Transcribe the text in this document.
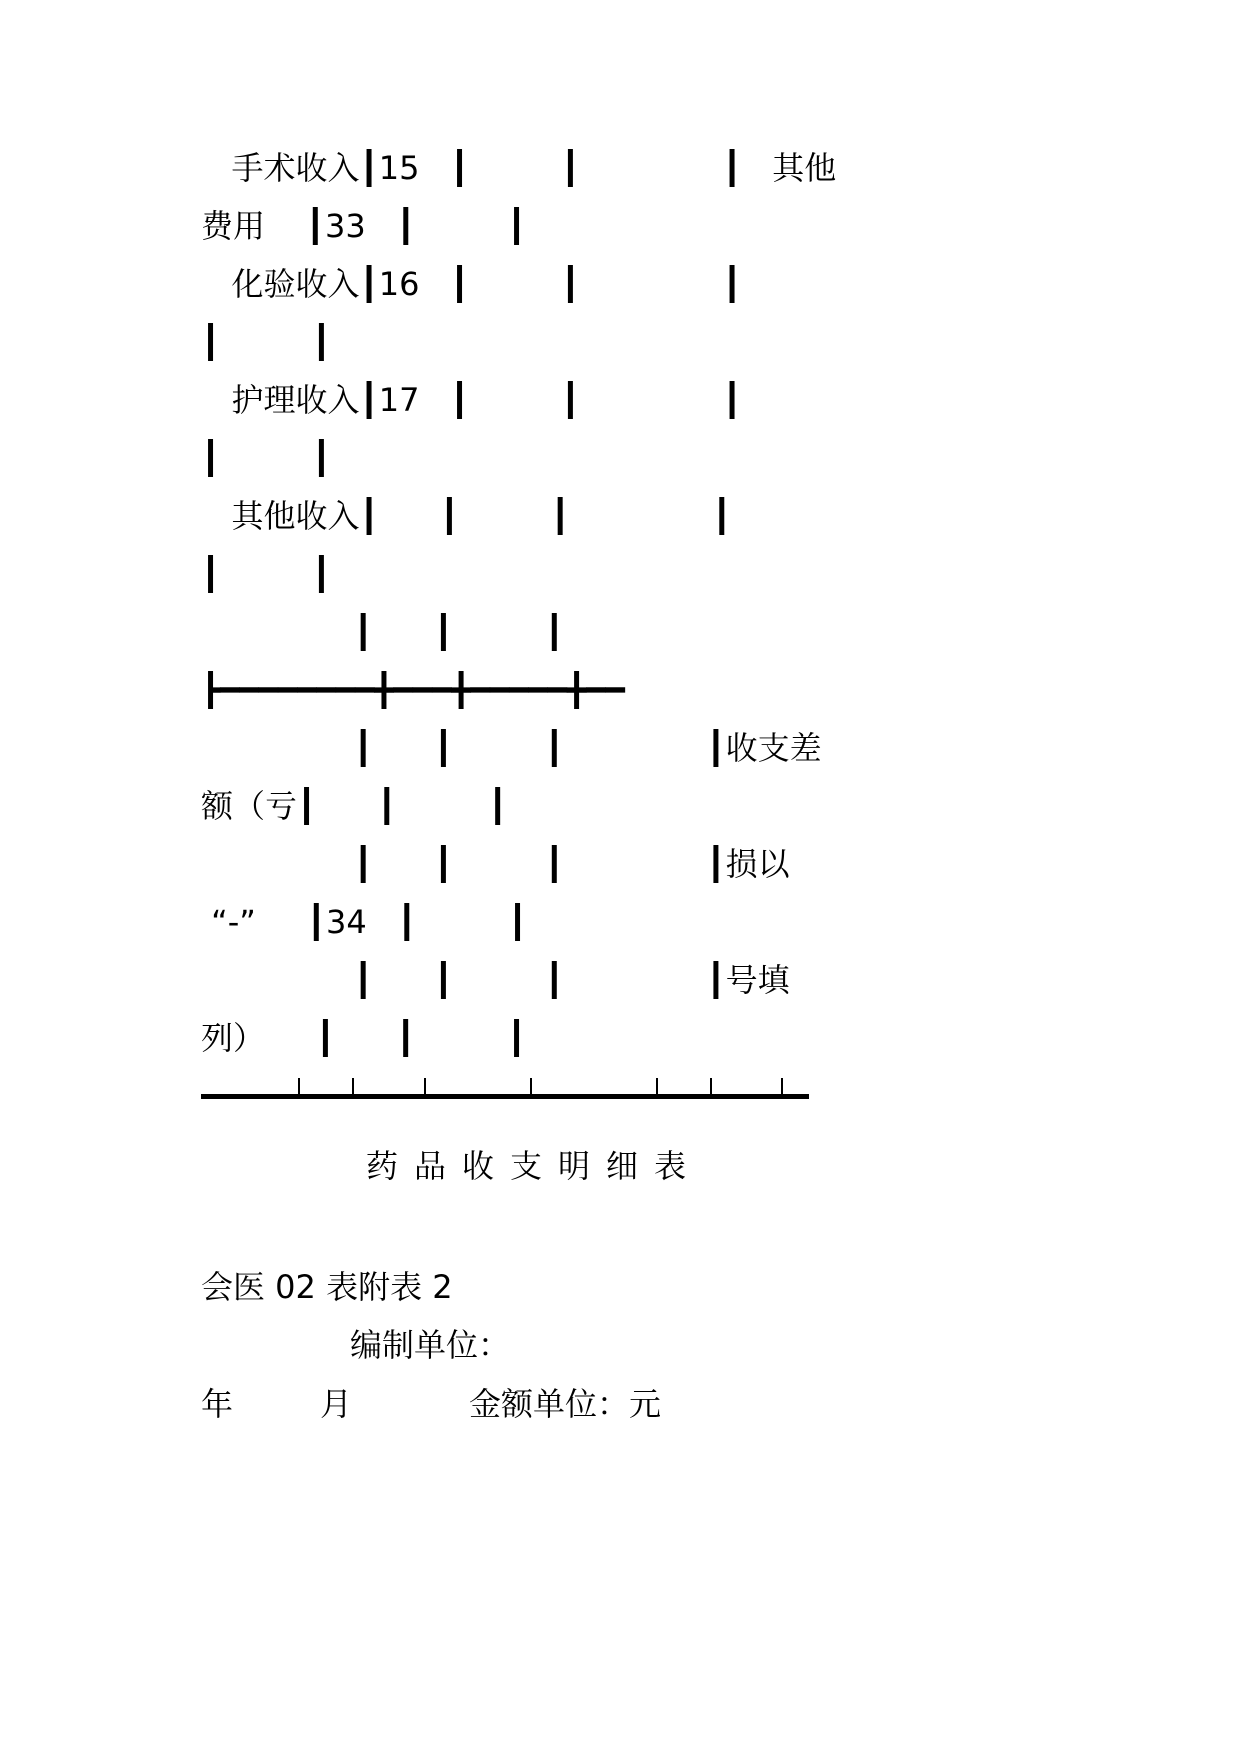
手术收入┃15   ┃         ┃              ┃   其他

费用    ┃33   ┃         ┃

化验收入┃16   ┃         ┃              ┃

┃         ┃

护理收入┃17   ┃         ┃              ┃

┃         ┃

其他收入┃      ┃         ┃              ┃

┃         ┃

┃      ┃         ┃

┣━━━━━━━━╋━━━╋━━━━━╋━━

┃      ┃         ┃              ┃收支差

额（亏┃      ┃         ┃

┃      ┃         ┃              ┃损以

“-”     ┃34   ┃         ┃

┃      ┃         ┃              ┃号填

列）     ┃      ┃         ┃

药品收支明细表

会医 02 表附表 2

编制单位：

年	月	金额单位：元
